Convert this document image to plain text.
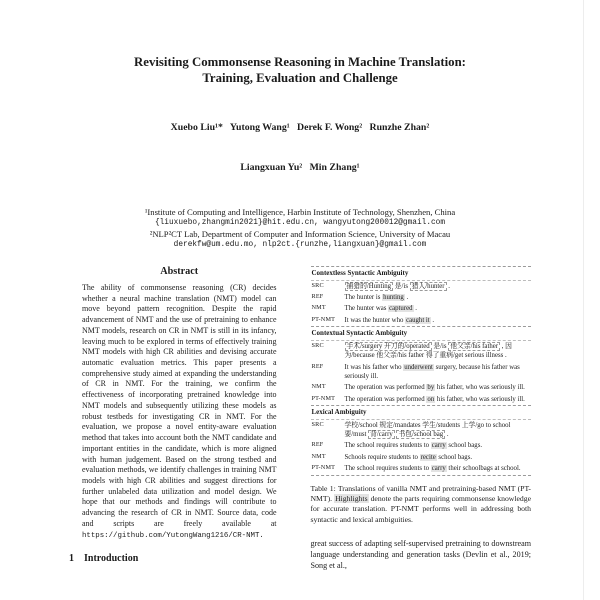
Revisiting Commonsense Reasoning in Machine Translation:
Training, Evaluation and Challenge

Xuebo Liu¹*   Yutong Wang¹   Derek F. Wong²   Runzhe Zhan²

Liangxuan Yu²   Min Zhang¹

¹Institute of Computing and Intelligence, Harbin Institute of Technology, Shenzhen, China
{liuxuebo,zhangmin2021}@hit.edu.cn, wangyutong200012@gmail.com
²NLP²CT Lab, Department of Computer and Information Science, University of Macau
derekfw@um.edu.mo, nlp2ct.{runzhe,liangxuan}@gmail.com
Abstract
The ability of commonsense reasoning (CR) decides whether a neural machine translation (NMT) model can move beyond pattern recognition. Despite the rapid advancement of NMT and the use of pretraining to enhance NMT models, research on CR in NMT is still in its infancy, leaving much to be explored in terms of effectively training NMT models with high CR abilities and devising accurate automatic evaluation metrics. This paper presents a comprehensive study aimed at expanding the understanding of CR in NMT. For the training, we confirm the effectiveness of incorporating pretrained knowledge into NMT models and subsequently utilizing these models as robust testbeds for investigating CR in NMT. For the evaluation, we propose a novel entity-aware evaluation method that takes into account both the NMT candidate and important entities in the candidate, which is more aligned with human judgement. Based on the strong testbed and evaluation methods, we identify challenges in training NMT models with high CR abilities and suggest directions for further unlabeled data utilization and model design. We hope that our methods and findings will contribute to advancing the research of CR in NMT. Source data, code and scripts are freely available at https://github.com/YutongWang1216/CR-NMT.
1    Introduction
Contextless Syntactic Ambiguity
SRC	捕猎的/Hunting 是/is 猎人/hunter .
REF	The hunter is hunting .
NMT	The hunter was captured .
PT-NMT	It was the hunter who caught it .
Contextual Syntactic Ambiguity
SRC	手术/surgery 开刀的/operated 是/is 他父亲/his father , 因为/because 他父亲/his father 得了重病/get serious illness .
REF	It was his father who underwent surgery, because his father was seriously ill.
NMT	The operation was performed by his father, who was seriously ill.
PT-NMT	The operation was performed on his father, who was seriously ill.
Lexical Ambiguity
SRC	学校/school 规定/mandates 学生/students 上学/go to school 要/must 背/carry 书包/school bag .
REF	The school requires students to carry school bags.
NMT	Schools require students to recite school bags.
PT-NMT	The school requires students to carry their schoolbags at school.
Table 1: Translations of vanilla NMT and pretraining-based NMT (PT-NMT). Highlights denote the parts requiring commonsense knowledge for accurate translation. PT-NMT performs well in addressing both syntactic and lexical ambiguities.
great success of adapting self-supervised pretraining to downstream language understanding and generation tasks (Devlin et al., 2019; Song et al.,
